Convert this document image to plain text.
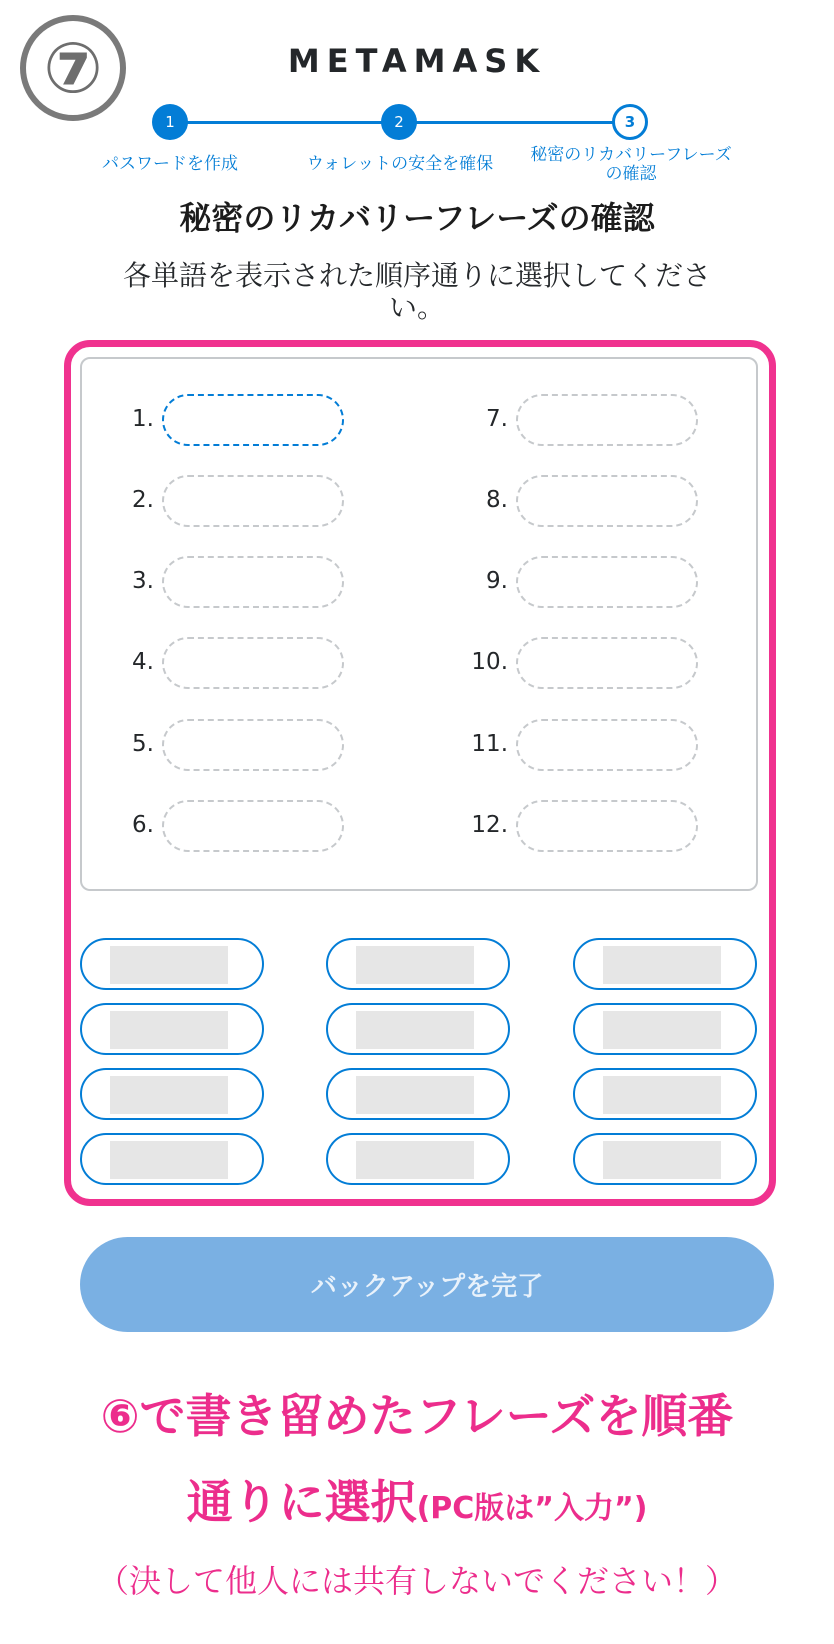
⑦	METAMASK
1	2	3
パスワードを作成	ウォレットの安全を確保	秘密のリカバリーフレーズ
の確認
秘密のリカバリーフレーズの確認
各単語を表示された順序通りに選択してくださ
い。
1.
2.
3.
4.
5.
6.
7.
8.
9.
10.
11.
12.
バックアップを完了
⑥で書き留めたフレーズを順番
通りに選択(PC版は”入力”)
（決して他人には共有しないでください！）
